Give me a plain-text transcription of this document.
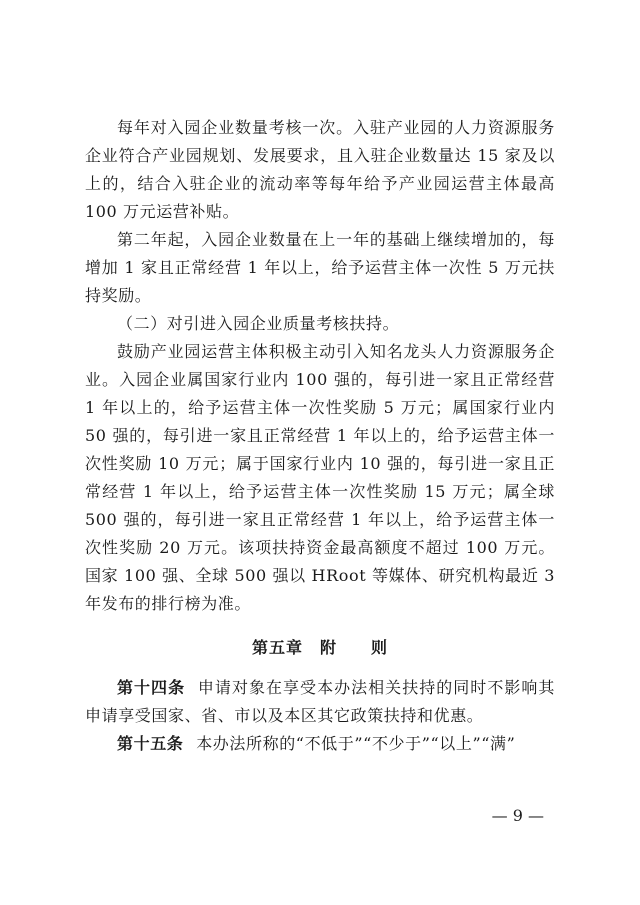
每年对入园企业数量考核一次。入驻产业园的人力资源服务企业符合产业园规划、发展要求，且入驻企业数量达 15 家及以上的，结合入驻企业的流动率等每年给予产业园运营主体最高 100 万元运营补贴。

第二年起，入园企业数量在上一年的基础上继续增加的，每增加 1 家且正常经营 1 年以上，给予运营主体一次性 5 万元扶持奖励。

（二）对引进入园企业质量考核扶持。

鼓励产业园运营主体积极主动引入知名龙头人力资源服务企业。入园企业属国家行业内 100 强的，每引进一家且正常经营 1 年以上的，给予运营主体一次性奖励 5 万元；属国家行业内 50 强的，每引进一家且正常经营 1 年以上的，给予运营主体一次性奖励 10 万元；属于国家行业内 10 强的，每引进一家且正常经营 1 年以上，给予运营主体一次性奖励 15 万元；属全球 500 强的，每引进一家且正常经营 1 年以上，给予运营主体一次性奖励 20 万元。该项扶持资金最高额度不超过 100 万元。国家 100 强、全球 500 强以 HRoot 等媒体、研究机构最近 3 年发布的排行榜为准。

第五章　附　　则

第十四条 申请对象在享受本办法相关扶持的同时不影响其申请享受国家、省、市以及本区其它政策扶持和优惠。

第十五条 本办法所称的“不低于”“不少于”“以上”“满”

— 9 —
